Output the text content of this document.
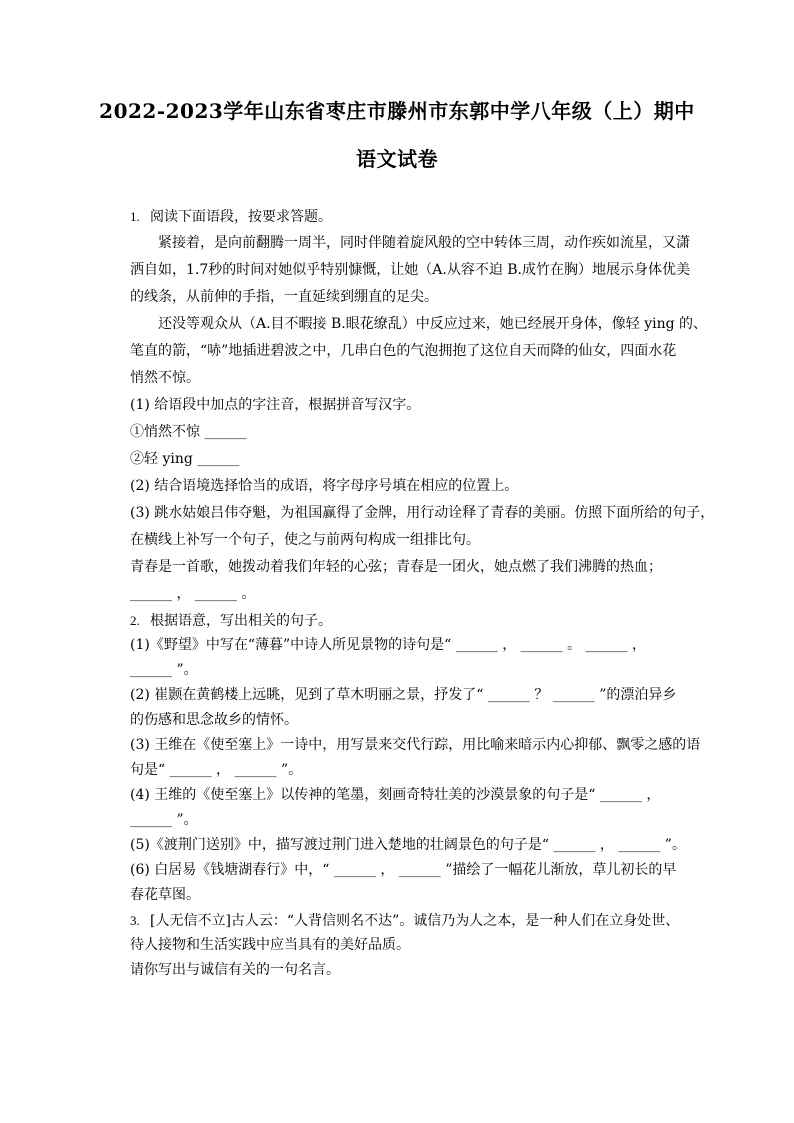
2022-2023学年山东省枣庄市滕州市东郭中学八年级（上）期中
语文试卷
1. 阅读下面语段，按要求答题。
紧接着，是向前翻腾一周半，同时伴随着旋风般的空中转体三周，动作疾如流星，又潇
洒自如，1.7秒的时间对她似乎特别慷慨，让她（A.从容不迫 B.成竹在胸）地展示身体优美
的线条，从前伸的手指，一直延续到绷直的足尖。
还没等观众从（A.目不暇接 B.眼花缭乱）中反应过来，她已经展开身体，像轻 ying 的、
笔直的箭，“哧”地插进碧波之中，几串白色的气泡拥抱了这位自天而降的仙女，四面水花
悄然不惊。
(1) 给语段中加点的字注音，根据拼音写汉字。
①悄然不惊 ______
②轻 ying ______
(2) 结合语境选择恰当的成语，将字母序号填在相应的位置上。
(3) 跳水姑娘吕伟夺魁，为祖国赢得了金牌，用行动诠释了青春的美丽。仿照下面所给的句子，
在横线上补写一个句子，使之与前两句构成一组排比句。
青春是一首歌，她拨动着我们年轻的心弦；青春是一团火，她点燃了我们沸腾的热血；
______ ， ______ 。
2. 根据语意，写出相关的句子。
(1)《野望》中写在“薄暮”中诗人所见景物的诗句是“ ______ ， ______ 。 ______ ，
______ ”。
(2) 崔颢在黄鹤楼上远眺，见到了草木明丽之景，抒发了“ ______ ？ ______ ”的漂泊异乡
的伤感和思念故乡的情怀。
(3) 王维在《使至塞上》一诗中，用写景来交代行踪，用比喻来暗示内心抑郁、飘零之感的语
句是“ ______ ， ______ ”。
(4) 王维的《使至塞上》以传神的笔墨，刻画奇特壮美的沙漠景象的句子是“ ______ ，
______ ”。
(5)《渡荆门送别》中，描写渡过荆门进入楚地的壮阔景色的句子是“ ______ ， ______ ”。
(6) 白居易《钱塘湖春行》中，“ ______ ， ______ ”描绘了一幅花儿渐放，草儿初长的早
春花草图。
3. [人无信不立]古人云：“人背信则名不达”。诚信乃为人之本，是一种人们在立身处世、
待人接物和生活实践中应当具有的美好品质。
请你写出与诚信有关的一句名言。
